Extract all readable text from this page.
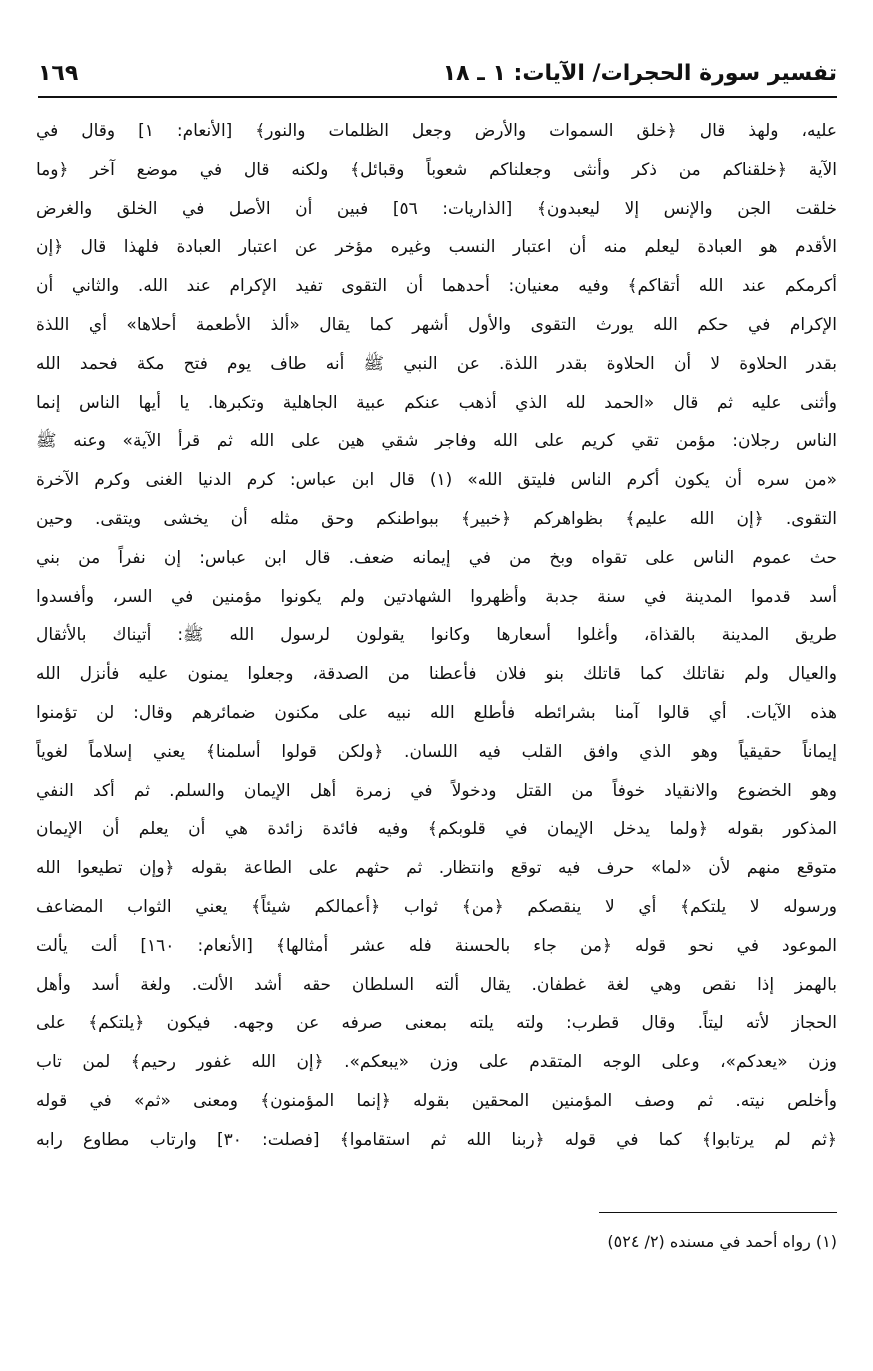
تفسير سورة الحجرات/ الآيات: ١ ـ ١٨
١٦٩
عليه، ولهذ قال ﴿خلق السموات والأرض وجعل الظلمات والنور﴾ [الأنعام: ١] وقال في
الآية ﴿خلقناكم من ذكر وأنثى وجعلناكم شعوباً وقبائل﴾ ولكنه قال في موضع آخر ﴿وما
خلقت الجن والإنس إلا ليعبدون﴾ [الذاريات: ٥٦] فبين أن الأصل في الخلق والغرض
الأقدم هو العبادة ليعلم منه أن اعتبار النسب وغيره مؤخر عن اعتبار العبادة فلهذا قال ﴿إن
أكرمكم عند الله أتقاكم﴾ وفيه معنيان: أحدهما أن التقوى تفيد الإكرام عند الله. والثاني أن
الإكرام في حكم الله يورث التقوى والأول أشهر كما يقال «ألذ الأطعمة أحلاها» أي اللذة
بقدر الحلاوة لا أن الحلاوة بقدر اللذة. عن النبي ﷺ أنه طاف يوم فتح مكة فحمد الله
وأثنى عليه ثم قال «الحمد لله الذي أذهب عنكم عبية الجاهلية وتكبرها. يا أيها الناس إنما
الناس رجلان: مؤمن تقي كريم على الله وفاجر شقي هين على الله ثم قرأ الآية» وعنه ﷺ
«من سره أن يكون أكرم الناس فليتق الله» (١) قال ابن عباس: كرم الدنيا الغنى وكرم الآخرة
التقوى. ﴿إن الله عليم﴾ بظواهركم ﴿خبير﴾ ببواطنكم وحق مثله أن يخشى ويتقى. وحين
حث عموم الناس على تقواه وبخ من في إيمانه ضعف. قال ابن عباس: إن نفراً من بني
أسد قدموا المدينة في سنة جدبة وأظهروا الشهادتين ولم يكونوا مؤمنين في السر، وأفسدوا
طريق المدينة بالقذاة، وأغلوا أسعارها وكانوا يقولون لرسول الله ﷺ: أتيناك بالأثقال
والعيال ولم نقاتلك كما قاتلك بنو فلان فأعطنا من الصدقة، وجعلوا يمنون عليه فأنزل الله
هذه الآيات. أي قالوا آمنا بشرائطه فأطلع الله نبيه على مكنون ضمائرهم وقال: لن تؤمنوا
إيماناً حقيقياً وهو الذي وافق القلب فيه اللسان. ﴿ولكن قولوا أسلمنا﴾ يعني إسلاماً لغوياً
وهو الخضوع والانقياد خوفاً من القتل ودخولاً في زمرة أهل الإيمان والسلم. ثم أكد النفي
المذكور بقوله ﴿ولما يدخل الإيمان في قلوبكم﴾ وفيه فائدة زائدة هي أن يعلم أن الإيمان
متوقع منهم لأن «لما» حرف فيه توقع وانتظار. ثم حثهم على الطاعة بقوله ﴿وإن تطيعوا الله
ورسوله لا يلتكم﴾ أي لا ينقصكم ﴿من﴾ ثواب ﴿أعمالكم شيئاً﴾ يعني الثواب المضاعف
الموعود في نحو قوله ﴿من جاء بالحسنة فله عشر أمثالها﴾ [الأنعام: ١٦٠] ألت يألت
بالهمز إذا نقص وهي لغة غطفان. يقال ألته السلطان حقه أشد الألت. ولغة أسد وأهل
الحجاز لأته ليتاً. وقال قطرب: ولته يلته بمعنى صرفه عن وجهه. فيكون ﴿يلتكم﴾ على
وزن «يعدكم»، وعلى الوجه المتقدم على وزن «يبعكم». ﴿إن الله غفور رحيم﴾ لمن تاب
وأخلص نيته. ثم وصف المؤمنين المحقين بقوله ﴿إنما المؤمنون﴾ ومعنى «ثم» في قوله
﴿ثم لم يرتابوا﴾ كما في قوله ﴿ربنا الله ثم استقاموا﴾ [فصلت: ٣٠] وارتاب مطاوع رابه
(١) رواه أحمد في مسنده (٢/ ٥٢٤)
